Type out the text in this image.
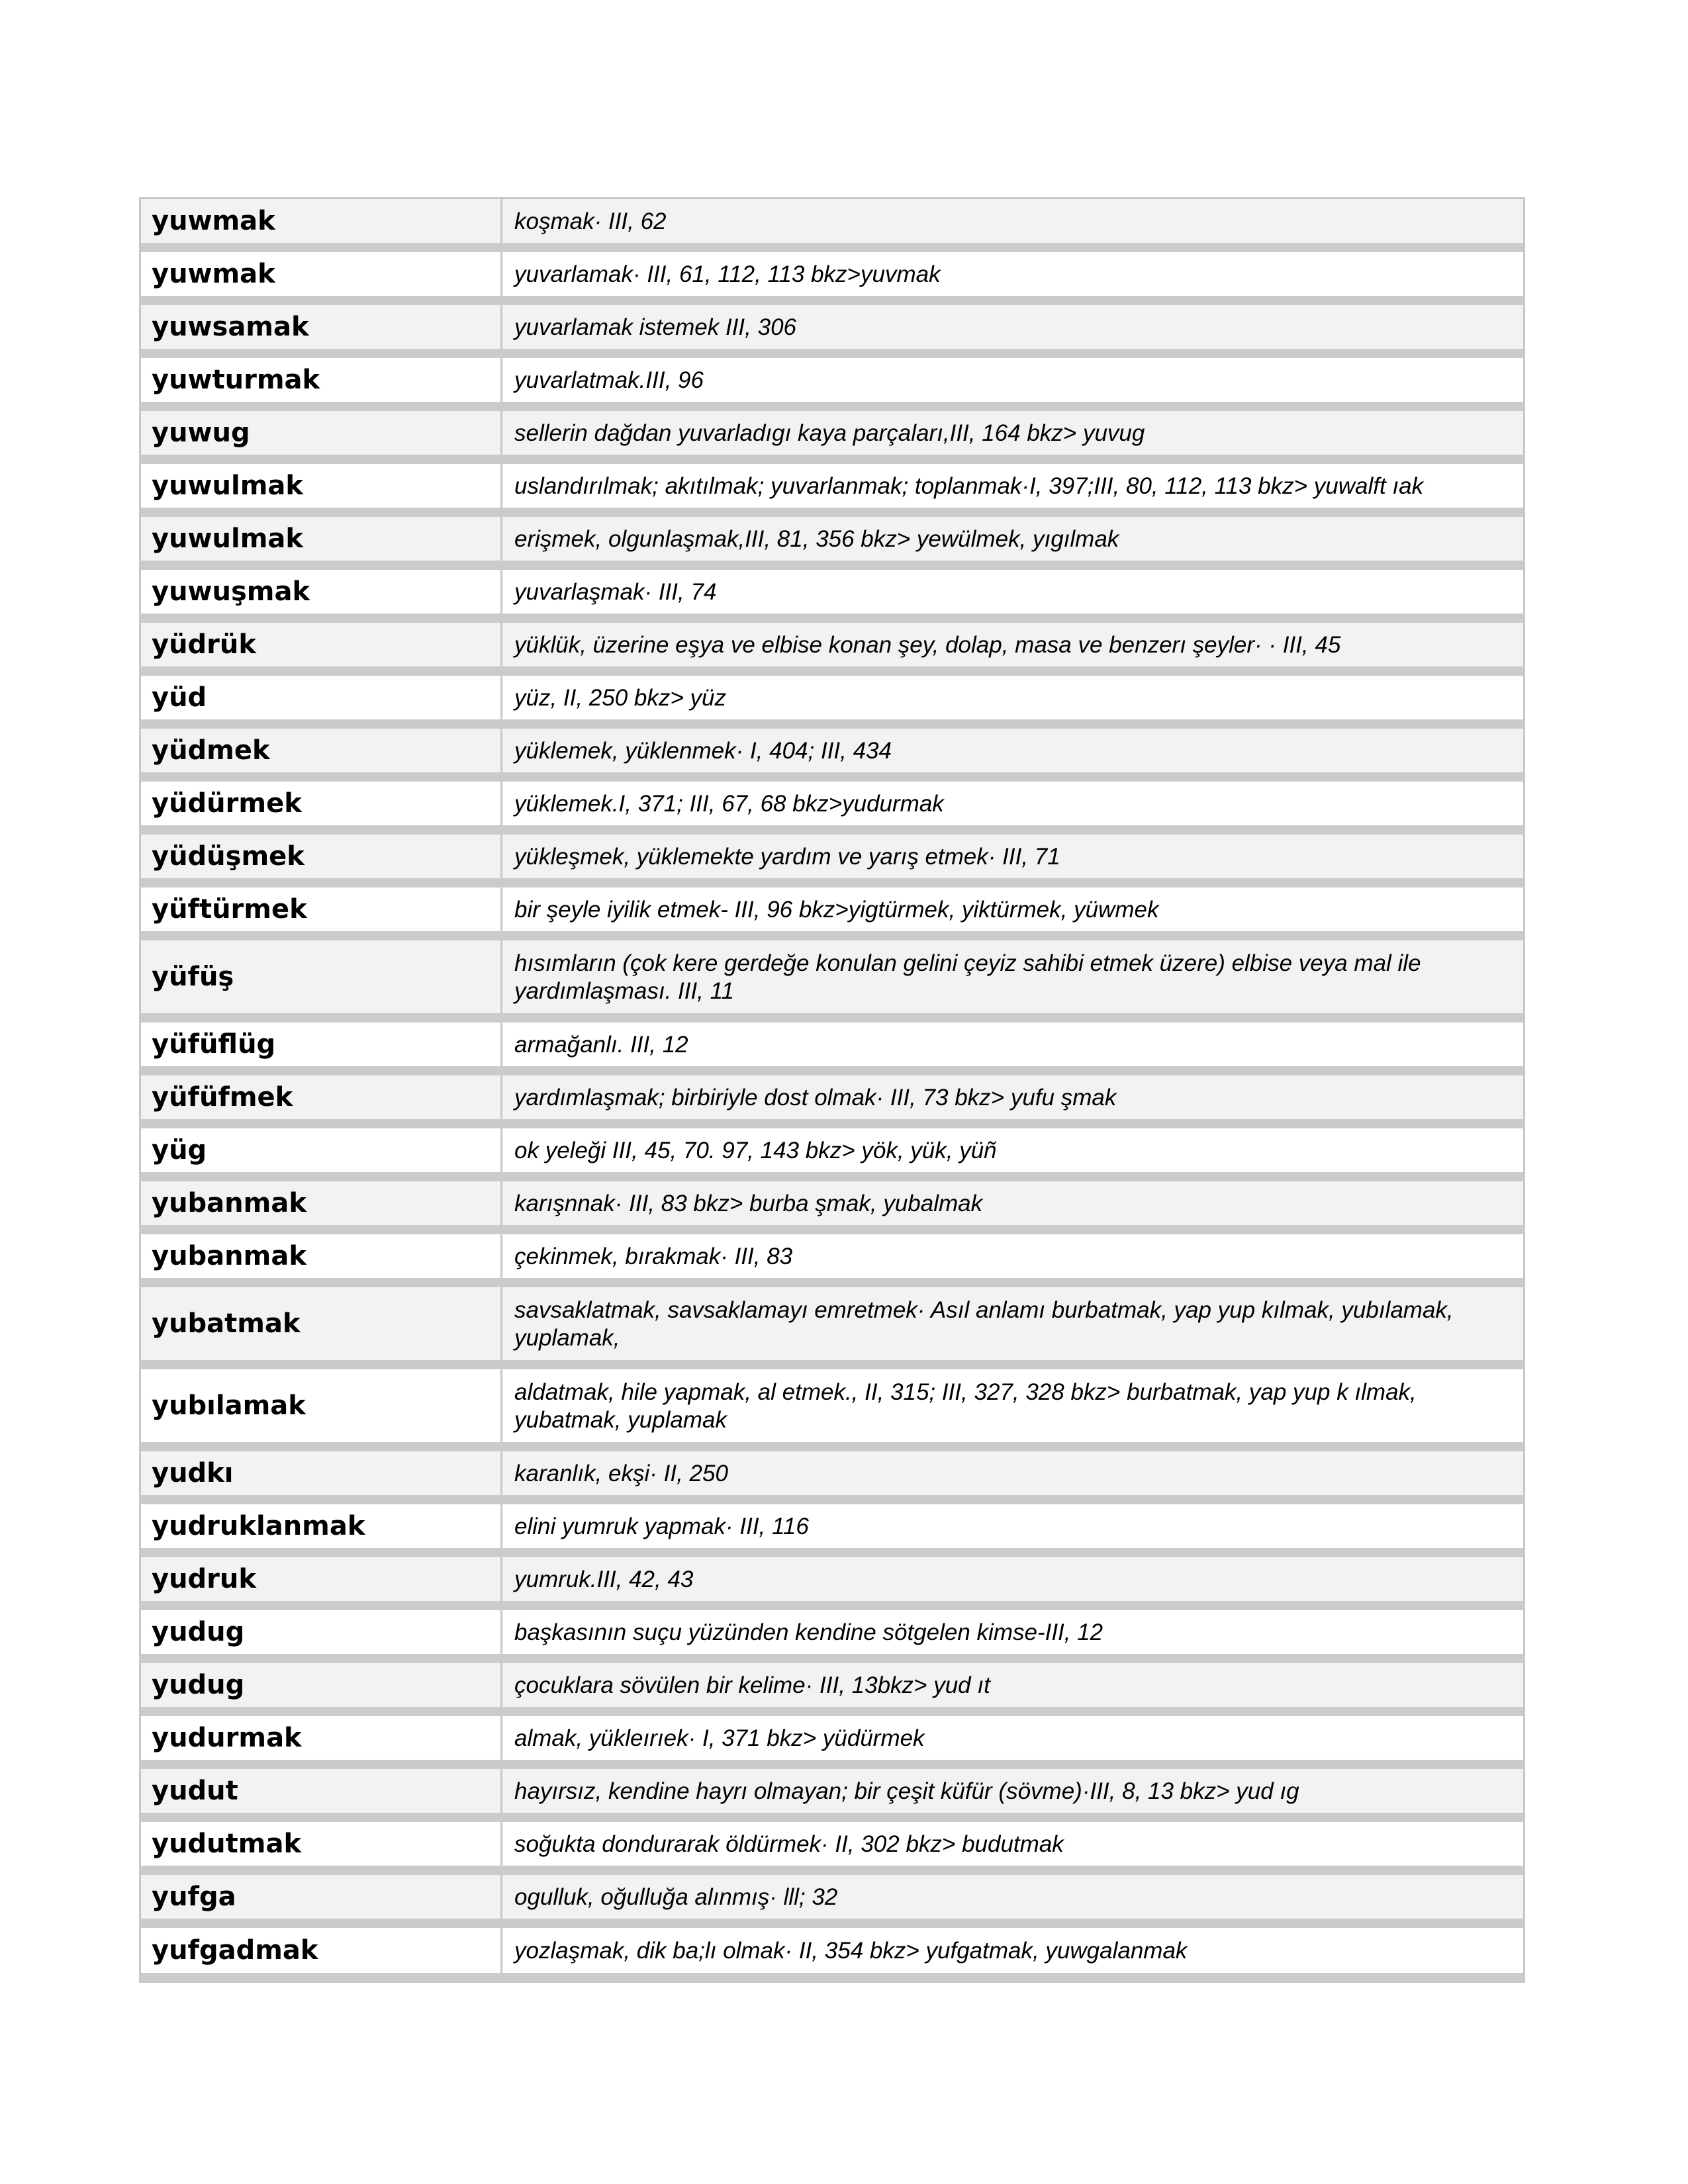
yuwmak	koşmak· III, 62
yuwmak	yuvarlamak· III, 61, 112, 113 bkz>yuvmak
yuwsamak	yuvarlamak istemek III, 306
yuwturmak	yuvarlatmak.III, 96
yuwug	sellerin dağdan yuvarladıgı kaya parçaları,III, 164 bkz> yuvug
yuwulmak	uslandırılmak; akıtılmak; yuvarlanmak; toplanmak·I, 397;III, 80, 112, 113 bkz> yuwalft ıak
yuwulmak	erişmek, olgunlaşmak,III, 81, 356 bkz> yewülmek, yıgılmak
yuwuşmak	yuvarlaşmak· III, 74
yüdrük	yüklük, üzerine eşya ve elbise konan şey, dolap, masa ve benzerı şeyler· · III, 45
yüd	yüz, II, 250 bkz> yüz
yüdmek	yüklemek, yüklenmek· I, 404; III, 434
yüdürmek	yüklemek.I, 371; III, 67, 68 bkz>yudurmak
yüdüşmek	yükleşmek, yüklemekte yardım ve yarış etmek· III, 71
yüftürmek	bir şeyle iyilik etmek- III, 96 bkz>yigtürmek, yiktürmek, yüwmek
yüfüş	hısımların (çok kere gerdeğe konulan gelini çeyiz sahibi etmek üzere) elbise veya mal ile yardımlaşması. III, 11
yüfüflüg	armağanlı. III, 12
yüfüfmek	yardımlaşmak; birbiriyle dost olmak· III, 73 bkz> yufu şmak
yüg	ok yeleği III, 45, 70. 97, 143 bkz> yök, yük, yüñ
yubanmak	karışnnak· III, 83 bkz> burba şmak, yubalmak
yubanmak	çekinmek, bırakmak· III, 83
yubatmak	savsaklatmak, savsaklamayı emretmek· Asıl anlamı burbatmak, yap yup kılmak, yubılamak, yuplamak,
yubılamak	aldatmak, hile yapmak, al etmek., II, 315; III, 327, 328 bkz> burbatmak, yap yup k ılmak, yubatmak, yuplamak
yudkı	karanlık, ekşi· II, 250
yudruklanmak	elini yumruk yapmak· III, 116
yudruk	yumruk.III, 42, 43
yudug	başkasının suçu yüzünden kendine sötgelen kimse-III, 12
yudug	çocuklara sövülen bir kelime· III, 13bkz> yud ıt
yudurmak	almak, yükleırıek· I, 371 bkz> yüdürmek
yudut	hayırsız, kendine hayrı olmayan; bir çeşit küfür (sövme)·III, 8, 13 bkz> yud ıg
yudutmak	soğukta dondurarak öldürmek· II, 302 bkz> budutmak
yufga	ogulluk, oğulluğa alınmış· lll; 32
yufgadmak	yozlaşmak, dik ba;lı olmak· II, 354 bkz> yufgatmak, yuwgalanmak
